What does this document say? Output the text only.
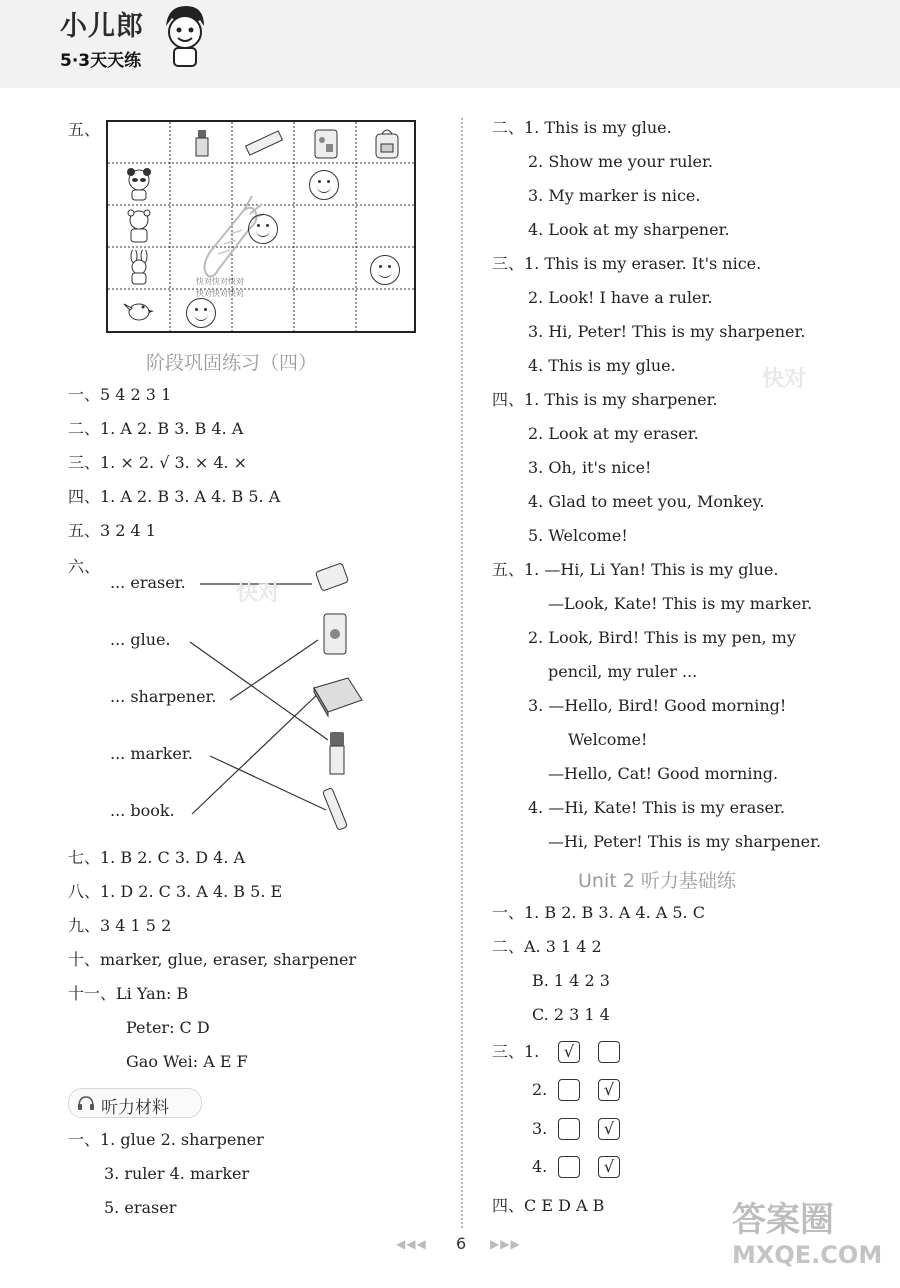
小儿郎
5·3天天练
五、
快对快对快对
快对快对快对
阶段巩固练习（四）
一、5 4 2 3 1
二、1. A 2. B 3. B 4. A
三、1. × 2. √ 3. × 4. ×
四、1. A 2. B 3. A 4. B 5. A
五、3 2 4 1
六、
... eraser.
... glue.
... sharpener.
... marker.
... book.
七、1. B 2. C 3. D 4. A
八、1. D 2. C 3. A 4. B 5. E
九、3 4 1 5 2
十、marker, glue, eraser, sharpener
十一、Li Yan: B
Peter: C D
Gao Wei: A E F
听力材料
一、1. glue 2. sharpener
3. ruler 4. marker
5. eraser
二、1. This is my glue.
2. Show me your ruler.
3. My marker is nice.
4. Look at my sharpener.
三、1. This is my eraser. It's nice.
2. Look! I have a ruler.
3. Hi, Peter! This is my sharpener.
4. This is my glue.
四、1. This is my sharpener.
2. Look at my eraser.
3. Oh, it's nice!
4. Glad to meet you, Monkey.
5. Welcome!
五、1. —Hi, Li Yan! This is my glue.
—Look, Kate! This is my marker.
2. Look, Bird! This is my pen, my
pencil, my ruler ...
3. —Hello, Bird! Good morning!
Welcome!
—Hello, Cat! Good morning.
4. —Hi, Kate! This is my eraser.
—Hi, Peter! This is my sharpener.
Unit 2 听力基础练
一、1. B 2. B 3. A 4. A 5. C
二、A. 3 1 4 2
B. 1 4 2 3
C. 2 3 1 4
三、1.
2.
3.
4.
√
√
√
√
四、C E D A B
快对
快对
◀◀◀ 6 ▶▶▶
答案圈
MXQE.COM
